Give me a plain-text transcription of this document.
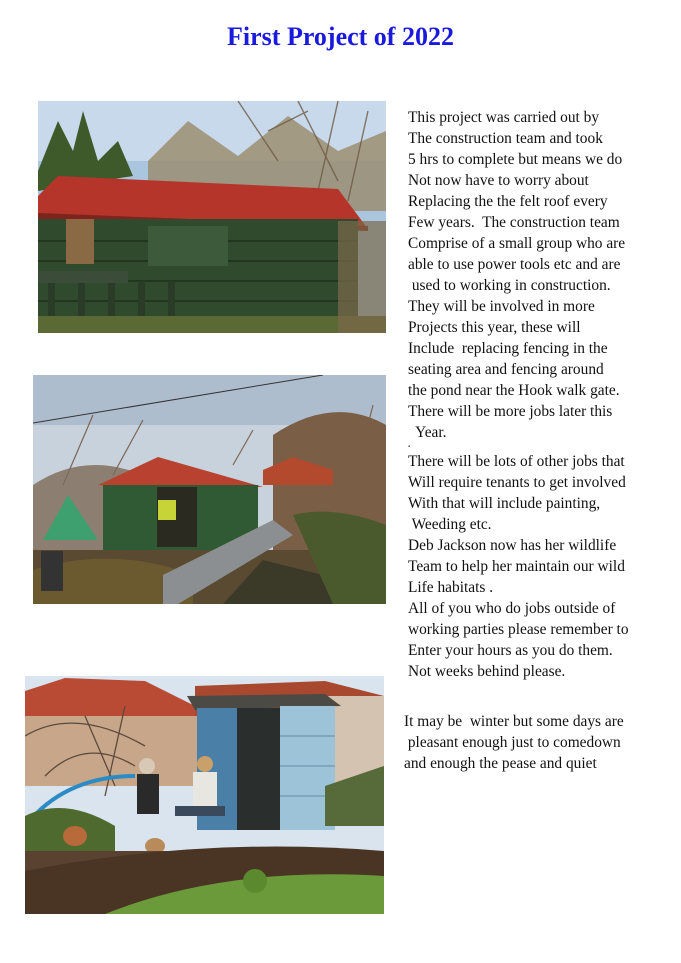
First Project of 2022
This project was carried out by
The construction team and took
5 hrs to complete but means we do
Not now have to worry about
Replacing the the felt roof every
Few years.  The construction team
Comprise of a small group who are
able to use power tools etc and are
used to working in construction.
They will be involved in more
Projects this year, these will
Include  replacing fencing in the
seating area and fencing around
the pond near the Hook walk gate.
There will be more jobs later this
Year.
▪
There will be lots of other jobs that
Will require tenants to get involved
With that will include painting,
Weeding etc.
Deb Jackson now has her wildlife
Team to help her maintain our wild
Life habitats .
All of you who do jobs outside of
working parties please remember to
Enter your hours as you do them.
Not weeks behind please.
It may be  winter but some days are
pleasant enough just to comedown
and enough the pease and quiet
